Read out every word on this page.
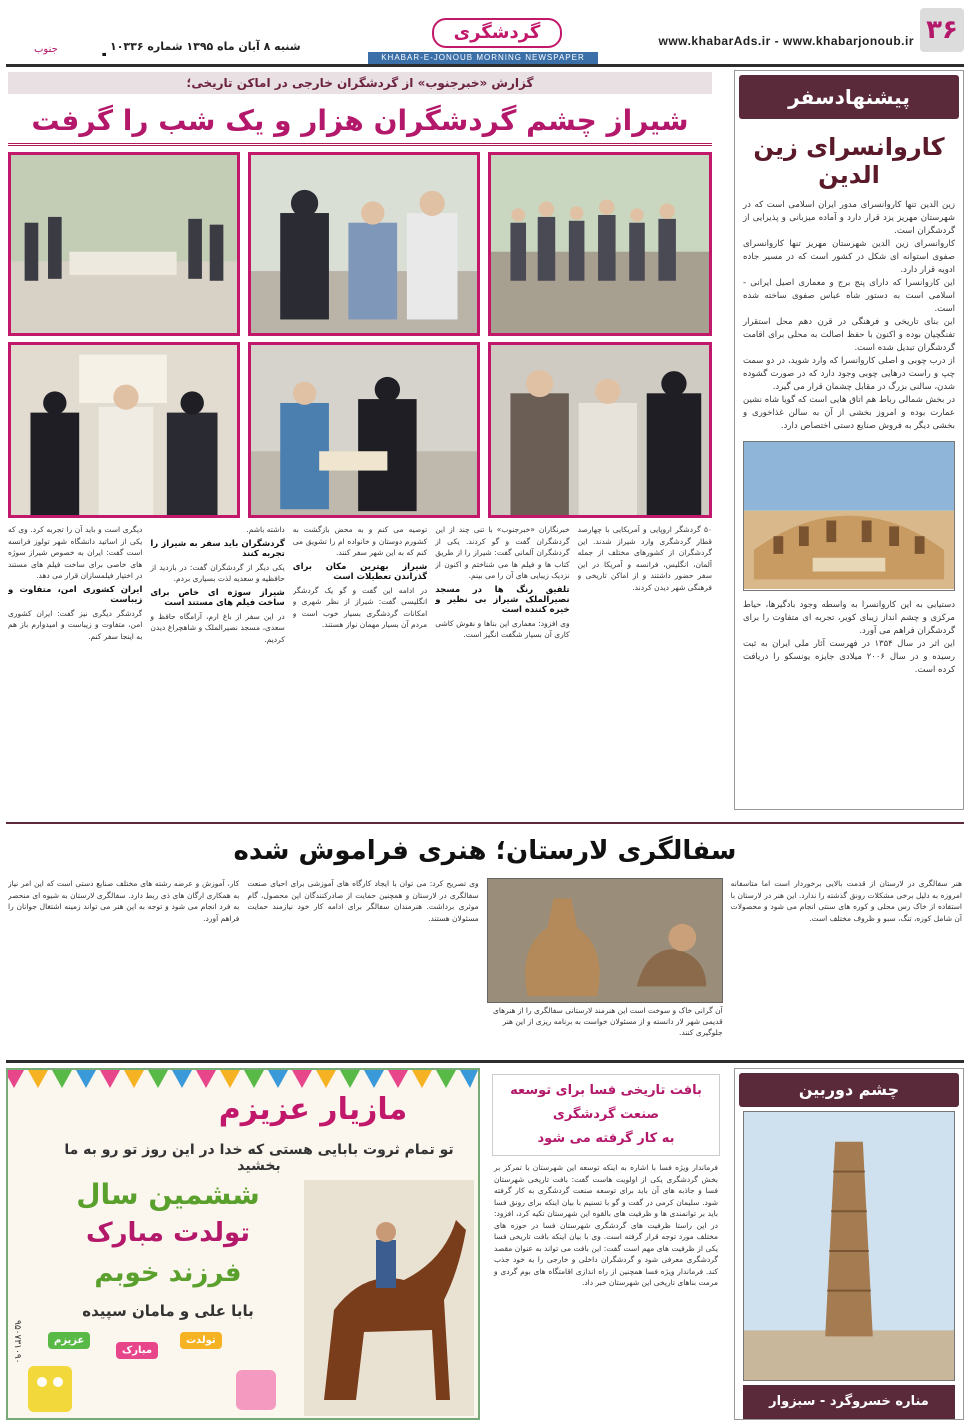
۳۶
www.khabarAds.ir - www.khabarjonoub.ir
گردشگری
KHABAR-E-JONOUB MORNING NEWSPAPER
جنوب	شنبه ۸ آبان ماه ۱۳۹۵ شماره ۱۰۳۳۶
پیشنهادسفر
کاروانسرای زین الدین

زین الدین تنها کاروانسرای مدور ایران اسلامی است که در شهرستان مهریز یزد قرار دارد و آماده میزبانی و پذیرایی از گردشگران است.

کاروانسرای زین الدین شهرستان مهریز تنها کاروانسرای صفوی استوانه ای شکل در کشور است که در مسیر جاده ادویه قرار دارد.

این کاروانسرا که دارای پنج برج و معماری اصیل ایرانی - اسلامی است به دستور شاه عباس صفوی ساخته شده است.

این بنای تاریخی و فرهنگی در قرن دهم محل استقرار تفنگچیان بوده و اکنون با حفظ اصالت به محلی برای اقامت گردشگران تبدیل شده است.

از درب چوبی و اصلی کاروانسرا که وارد شوید، در دو سمت چپ و راست درهایی چوبی وجود دارد که در صورت گشوده شدن، سالنی بزرگ در مقابل چشمان قرار می گیرد.

در بخش شمالی رباط هم اتاق هایی است که گویا شاه نشین عمارت بوده و امروز بخشی از آن به سالن غذاخوری و بخشی دیگر به فروش صنایع دستی اختصاص دارد.

دستیابی به این کاروانسرا به واسطه وجود بادگیرها، حیاط مرکزی و چشم انداز زیبای کویر، تجربه ای متفاوت را برای گردشگران فراهم می آورد.

این اثر در سال ۱۳۵۴ در فهرست آثار ملی ایران به ثبت رسیده و در سال ۲۰۰۶ میلادی جایزه یونسکو را دریافت کرده است.

گزارش «خبرجنوب» از گردشگران خارجی در اماکن تاریخی؛
شیراز چشم گردشگران هزار و یک شب را گرفت

۵۰ گردشگر اروپایی و آمریکایی با چهارصد قطار گردشگری وارد شیراز شدند. این گردشگران از کشورهای مختلف از جمله آلمان، انگلیس، فرانسه و آمریکا در این سفر حضور داشتند و از اماکن تاریخی و فرهنگی شهر دیدن کردند.

خبرنگاران «خبرجنوب» با تنی چند از این گردشگران گفت و گو کردند. یکی از گردشگران آلمانی گفت: شیراز را از طریق کتاب ها و فیلم ها می شناختم و اکنون از نزدیک زیبایی های آن را می بینم.

تلفیق رنگ ها در مسجد نصیرالملک شیراز بی نظیر و خیره کننده است

وی افزود: معماری این بناها و نقوش کاشی کاری آن بسیار شگفت انگیز است.

توصیه می کنم و به محض بازگشت به کشورم دوستان و خانواده ام را تشویق می کنم که به این شهر سفر کنند.

شیراز بهترین مکان برای گذراندن تعطیلات است

در ادامه این گفت و گو یک گردشگر انگلیسی گفت: شیراز از نظر شهری و امکانات گردشگری بسیار خوب است و مردم آن بسیار مهمان نواز هستند.

داشته باشم.

گردشگران باید سفر به شیراز را تجربه کنند

یکی دیگر از گردشگران گفت: در بازدید از حافظیه و سعدیه لذت بسیاری بردم.

شیراز سوژه ای خاص برای ساخت فیلم های مستند است

در این سفر از باغ ارم، آرامگاه حافظ و سعدی، مسجد نصیرالملک و شاهچراغ دیدن کردیم.

دیگری است و باید آن را تجربه کرد. وی که یکی از اساتید دانشگاه شهر تولوز فرانسه است گفت: ایران به خصوص شیراز سوژه های خاصی برای ساخت فیلم های مستند در اختیار فیلمسازان قرار می دهد.

ایران کشوری امن، متفاوت و زیباست

گردشگر دیگری نیز گفت: ایران کشوری امن، متفاوت و زیباست و امیدوارم باز هم به اینجا سفر کنم.

سفالگری لارستان؛ هنری فراموش شده
هنر سفالگری در لارستان از قدمت بالایی برخوردار است اما متاسفانه امروزه به دلیل برخی مشکلات رونق گذشته را ندارد. این هنر در لارستان با استفاده از خاک رس محلی و کوره های سنتی انجام می شود و محصولات آن شامل کوزه، تنگ، سبو و ظروف مختلف است.
آن گرانی خاک و سوخت است این هنرمند لارستانی سفالگری را از هنرهای قدیمی شهر لار دانسته و از مسئولان خواست به برنامه ریزی از این هنر جلوگیری کنند.
وی تصریح کرد: می توان با ایجاد کارگاه های آموزشی برای احیای صنعت سفالگری در لارستان و همچنین حمایت از صادرکنندگان این محصول، گام موثری برداشت. هنرمندان سفالگر برای ادامه کار خود نیازمند حمایت مسئولان هستند.
کار، آموزش و عرضه رشته های مختلف صنایع دستی است که این امر نیاز به همکاری ارگان های ذی ربط دارد. سفالگری لارستان به شیوه ای منحصر به فرد انجام می شود و توجه به این هنر می تواند زمینه اشتغال جوانان را فراهم آورد.
چشم دوربین
مناره خسروگرد - سبزوار
بافت تاریخی فسا برای توسعه
صنعت گردشگری
به کار گرفته می شود
فرماندار ویژه فسا با اشاره به اینکه توسعه این شهرستان با تمرکز بر بخش گردشگری یکی از اولویت هاست گفت: بافت تاریخی شهرستان فسا و جاذبه های آن باید برای توسعه صنعت گردشگری به کار گرفته شود. سلیمان کرمی در گفت و گو با تسنیم با بیان اینکه برای رونق فسا باید بر توانمندی ها و ظرفیت های بالقوه این شهرستان تکیه کرد، افزود: در این راستا ظرفیت های گردشگری شهرستان فسا در حوزه های مختلف مورد توجه قرار گرفته است. وی با بیان اینکه بافت تاریخی فسا یکی از ظرفیت های مهم است گفت: این بافت می تواند به عنوان مقصد گردشگری معرفی شود و گردشگران داخلی و خارجی را به خود جذب کند. فرماندار ویژه فسا همچنین از راه اندازی اقامتگاه های بوم گردی و مرمت بناهای تاریخی این شهرستان خبر داد.
مازیار عزیزم
تو تمام ثروت بابایی هستی که خدا در این روز تو رو به ما بخشید
ششمین سال
تولدت مبارک
فرزند خوبم
بابا علی و مامان سپیده
تولدت
مبارک
عزیزم
۹۵۰۷۳۱۰۹۰
